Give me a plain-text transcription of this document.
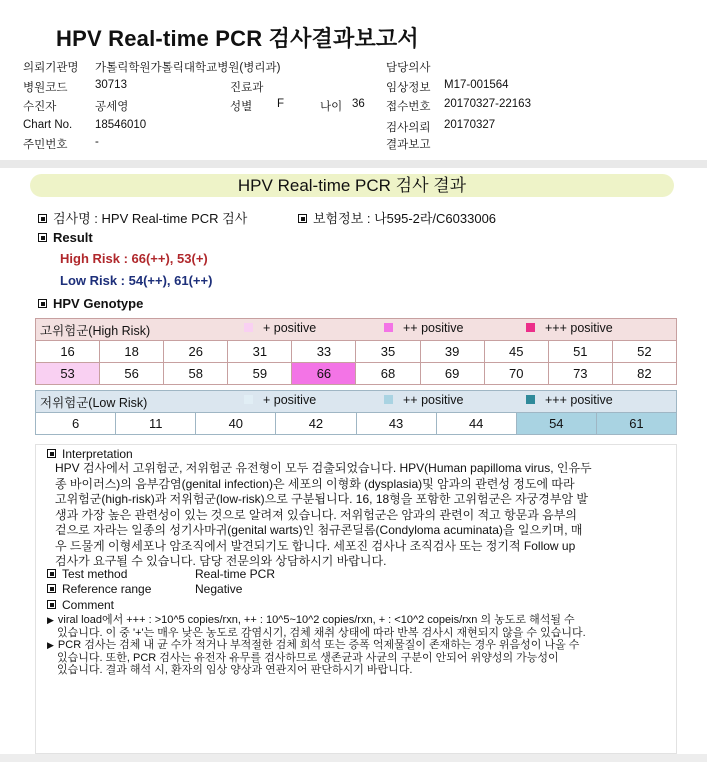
HPV Real-time PCR 검사결과보고서
의뢰기관명 가톨릭학원가톨릭대학교병원(병리과)	담당의사
병원코드 30713	진료과	임상정보 M17-001564
수진자	공세영	성별 F	나이 36 접수번호 20170327-22163
Chart No. 18546010	검사의뢰 20170327
주민번호 -	결과보고
HPV Real-time PCR 검사 결과
검사명 : HPV Real-time PCR 검사	보험정보 : 나595-2라/C6033006
Result
High Risk : 66(++), 53(+)
Low Risk : 54(++), 61(++)
HPV Genotype
고위험군(High Risk)	+ positive	++ positive	+++ positive
16	18	26	31	33	35	39	45	51	52
53	56	58	59	66	68	69	70	73	82
저위험군(Low Risk)	+ positive	++ positive	+++ positive
6	11	40	42	43	44	54	61
Interpretation
HPV 검사에서 고위험군, 저위험군 유전형이 모두 검출되었습니다. HPV(Human papilloma virus, 인유두
종 바이러스)의 음부감염(genital infection)은 세포의 이형화 (dysplasia)및 암과의 관련성 정도에 따라
고위험군(high-risk)과 저위험군(low-risk)으로 구분됩니다. 16, 18형을 포함한 고위험군은 자궁경부암 발
생과 가장 높은 관련성이 있는 것으로 알려져 있습니다. 저위험군은 암과의 관련이 적고 항문과 음부의
겉으로 자라는 일종의 성기사마귀(genital warts)인 첨규콘딜롬(Condyloma acuminata)을 일으키며, 매
우 드물게 이형세포나 암조직에서 발견되기도 합니다. 세포진 검사나 조직검사 또는 정기적 Follow up
검사가 요구될 수 있습니다. 담당 전문의와 상담하시기 바랍니다.
Test method	Real-time PCR
Reference range	Negative
Comment
▶ viral load에서 +++ : >10^5 copies/rxn, ++ : 10^5~10^2 copies/rxn, + : <10^2 copeis/rxn 의 농도로 해석될 수
있습니다. 이 중 '+'는 매우 낮은 농도로 감염시기, 검체 채취 상태에 따라 반복 검사시 재현되지 않을 수 있습니다.
▶ PCR 검사는 검체 내 균 수가 적거나 부적절한 검체 희석 또는 증폭 억제물질이 존재하는 경우 위음성이 나올 수
있습니다. 또한, PCR 검사는 유전자 유무를 검사하므로 생존균과 사균의 구분이 안되어 위양성의 가능성이
있습니다. 결과 해석 시, 환자의 임상 양상과 연관지어 판단하시기 바랍니다.
